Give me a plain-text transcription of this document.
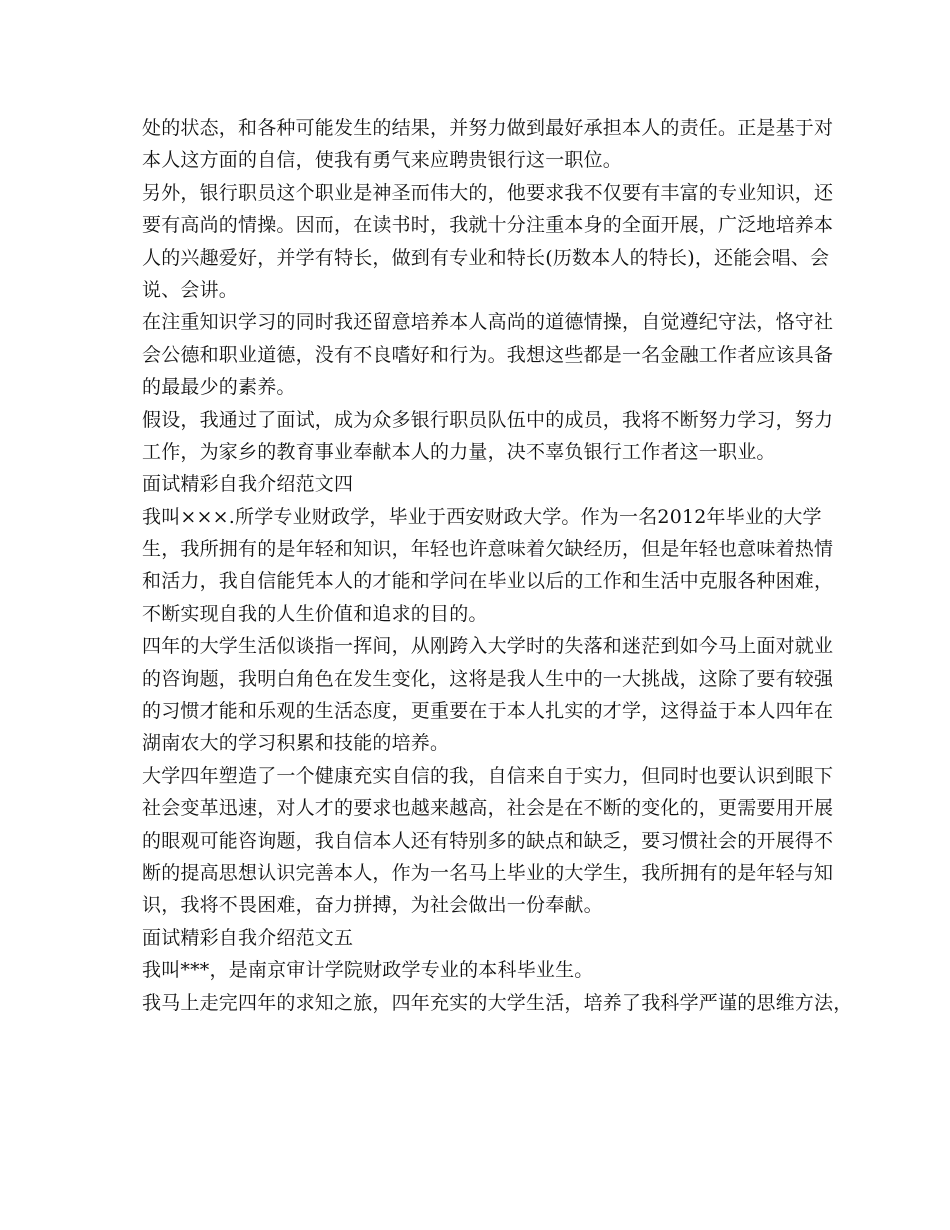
处的状态，和各种可能发生的结果，并努力做到最好承担本人的责任。正是基于对
本人这方面的自信，使我有勇气来应聘贵银行这一职位。
另外，银行职员这个职业是神圣而伟大的，他要求我不仅要有丰富的专业知识，还
要有高尚的情操。因而，在读书时，我就十分注重本身的全面开展，广泛地培养本
人的兴趣爱好，并学有特长，做到有专业和特长(历数本人的特长)，还能会唱、会
说、会讲。
在注重知识学习的同时我还留意培养本人高尚的道德情操，自觉遵纪守法，恪守社
会公德和职业道德，没有不良嗜好和行为。我想这些都是一名金融工作者应该具备
的最最少的素养。
假设，我通过了面试，成为众多银行职员队伍中的成员，我将不断努力学习，努力
工作，为家乡的教育事业奉献本人的力量，决不辜负银行工作者这一职业。
面试精彩自我介绍范文四
我叫×××.所学专业财政学，毕业于西安财政大学。作为一名2012年毕业的大学
生，我所拥有的是年轻和知识，年轻也许意味着欠缺经历，但是年轻也意味着热情
和活力，我自信能凭本人的才能和学问在毕业以后的工作和生活中克服各种困难，
不断实现自我的人生价值和追求的目的。
四年的大学生活似谈指一挥间，从刚跨入大学时的失落和迷茫到如今马上面对就业
的咨询题，我明白角色在发生变化，这将是我人生中的一大挑战，这除了要有较强
的习惯才能和乐观的生活态度，更重要在于本人扎实的才学，这得益于本人四年在
湖南农大的学习积累和技能的培养。
大学四年塑造了一个健康充实自信的我，自信来自于实力，但同时也要认识到眼下
社会变革迅速，对人才的要求也越来越高，社会是在不断的变化的，更需要用开展
的眼观可能咨询题，我自信本人还有特别多的缺点和缺乏，要习惯社会的开展得不
断的提高思想认识完善本人，作为一名马上毕业的大学生，我所拥有的是年轻与知
识，我将不畏困难，奋力拼搏，为社会做出一份奉献。
面试精彩自我介绍范文五
我叫***，是南京审计学院财政学专业的本科毕业生。
我马上走完四年的求知之旅，四年充实的大学生活，培养了我科学严谨的思维方法，
